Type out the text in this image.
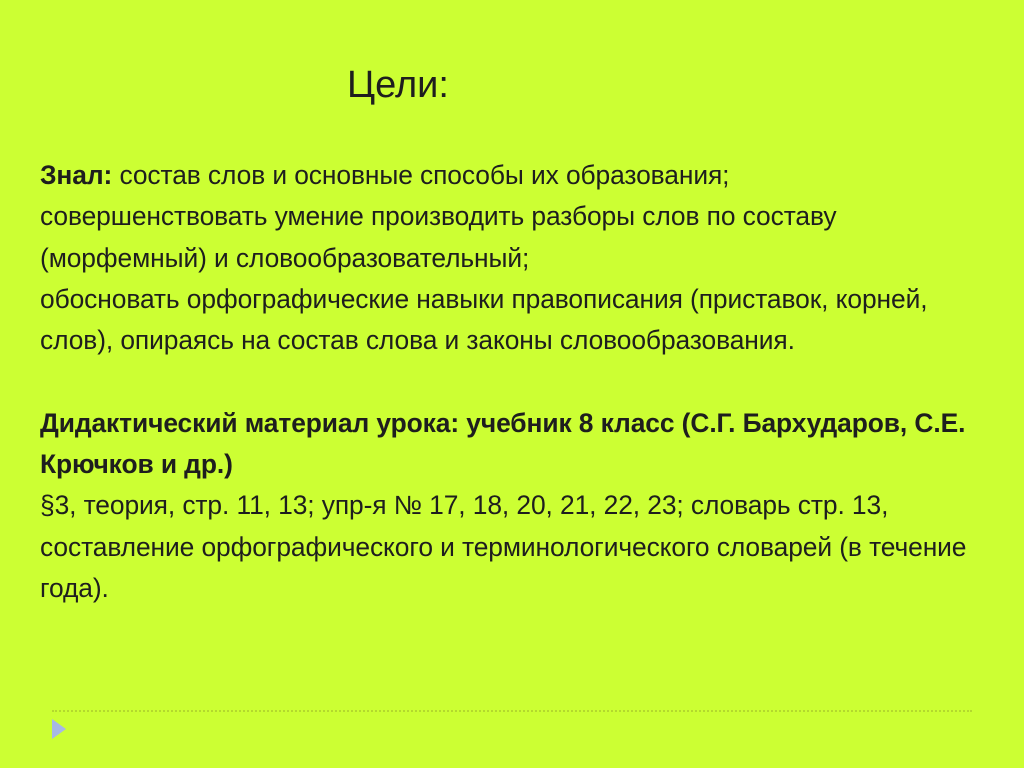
Цели:

Знал: состав слов и основные способы их образования;

совершенствовать умение производить разборы слов по составу (морфемный) и словообразовательный;

обосновать орфографические навыки правописания (приставок, корней, слов), опираясь на состав слова и законы словообразования.

Дидактический материал урока: учебник 8 класс (С.Г. Бархударов, С.Е. Крючков и др.)

§3, теория, стр. 11, 13; упр-я № 17, 18, 20, 21, 22, 23; словарь стр. 13, составление орфографического и терминологического словарей (в течение года).
